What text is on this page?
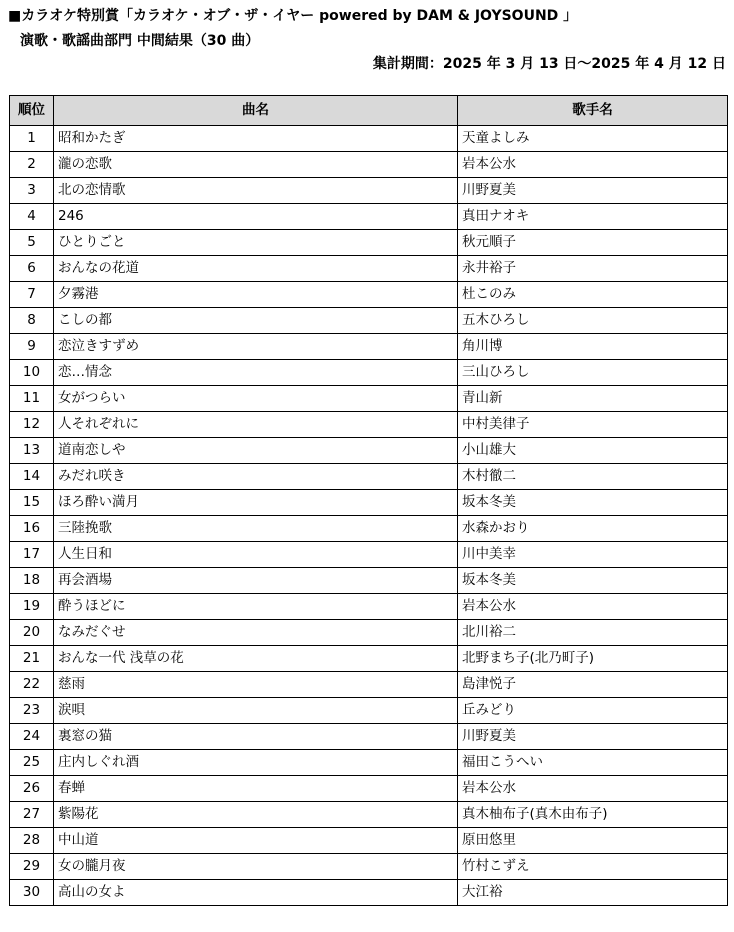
■カラオケ特別賞「カラオケ・オブ・ザ・イヤー powered by DAM & JOYSOUND 」
演歌・歌謡曲部門 中間結果（30 曲）
集計期間：2025 年 3 月 13 日～2025 年 4 月 12 日
順位	曲名	歌手名
1	昭和かたぎ	天童よしみ
2	瀧の恋歌	岩本公水
3	北の恋情歌	川野夏美
4	246	真田ナオキ
5	ひとりごと	秋元順子
6	おんなの花道	永井裕子
7	夕霧港	杜このみ
8	こしの都	五木ひろし
9	恋泣きすずめ	角川博
10	恋…情念	三山ひろし
11	女がつらい	青山新
12	人それぞれに	中村美律子
13	道南恋しや	小山雄大
14	みだれ咲き	木村徹二
15	ほろ酔い満月	坂本冬美
16	三陸挽歌	水森かおり
17	人生日和	川中美幸
18	再会酒場	坂本冬美
19	酔うほどに	岩本公水
20	なみだぐせ	北川裕二
21	おんな一代 浅草の花	北野まち子(北乃町子)
22	慈雨	島津悦子
23	涙唄	丘みどり
24	裏窓の猫	川野夏美
25	庄内しぐれ酒	福田こうへい
26	春蝉	岩本公水
27	紫陽花	真木柚布子(真木由布子)
28	中山道	原田悠里
29	女の朧月夜	竹村こずえ
30	高山の女よ	大江裕
